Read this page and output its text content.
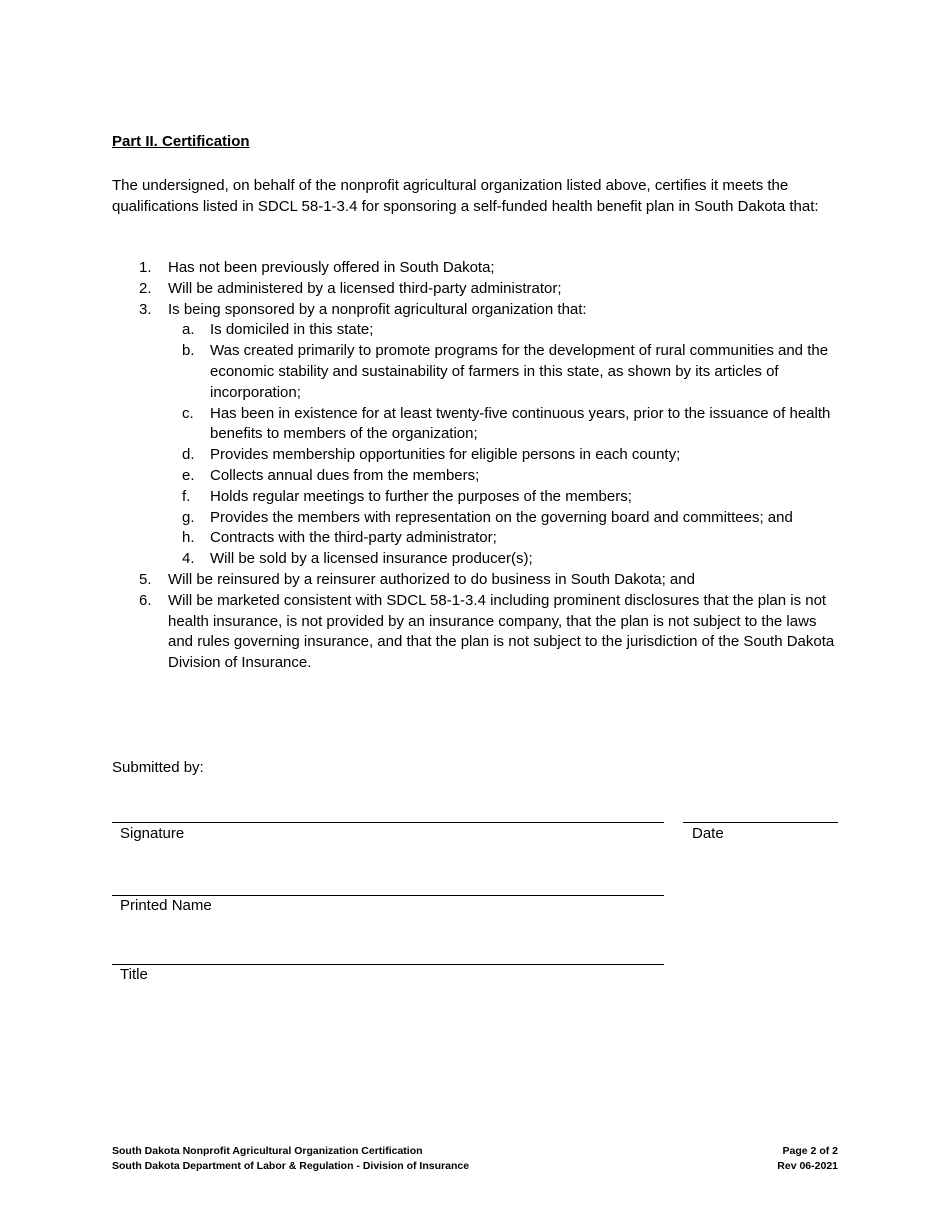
Part II. Certification
The undersigned, on behalf of the nonprofit agricultural organization listed above, certifies it meets the qualifications listed in SDCL 58-1-3.4 for sponsoring a self-funded health benefit plan in South Dakota that:
1.	Has not been previously offered in South Dakota;
2.	Will be administered by a licensed third-party administrator;
3.	Is being sponsored by a nonprofit agricultural organization that:
a.	Is domiciled in this state;
b.	Was created primarily to promote programs for the development of rural communities and the economic stability and sustainability of farmers in this state, as shown by its articles of incorporation;
c.	Has been in existence for at least twenty-five continuous years, prior to the issuance of health benefits to members of the organization;
d.	Provides membership opportunities for eligible persons in each county;
e.	Collects annual dues from the members;
f.	Holds regular meetings to further the purposes of the members;
g.	Provides the members with representation on the governing board and committees; and
h.	Contracts with the third-party administrator;
4.	Will be sold by a licensed insurance producer(s);
5.	Will be reinsured by a reinsurer authorized to do business in South Dakota; and
6.	Will be marketed consistent with SDCL 58-1-3.4 including prominent disclosures that the plan is not health insurance, is not provided by an insurance company, that the plan is not subject to the laws and rules governing insurance, and that the plan is not subject to the jurisdiction of the South Dakota Division of Insurance.
Submitted by:
Signature	Date
Printed Name
Title
South Dakota Nonprofit Agricultural Organization Certification
South Dakota Department of Labor & Regulation - Division of Insurance
Page 2 of 2
Rev 06-2021
